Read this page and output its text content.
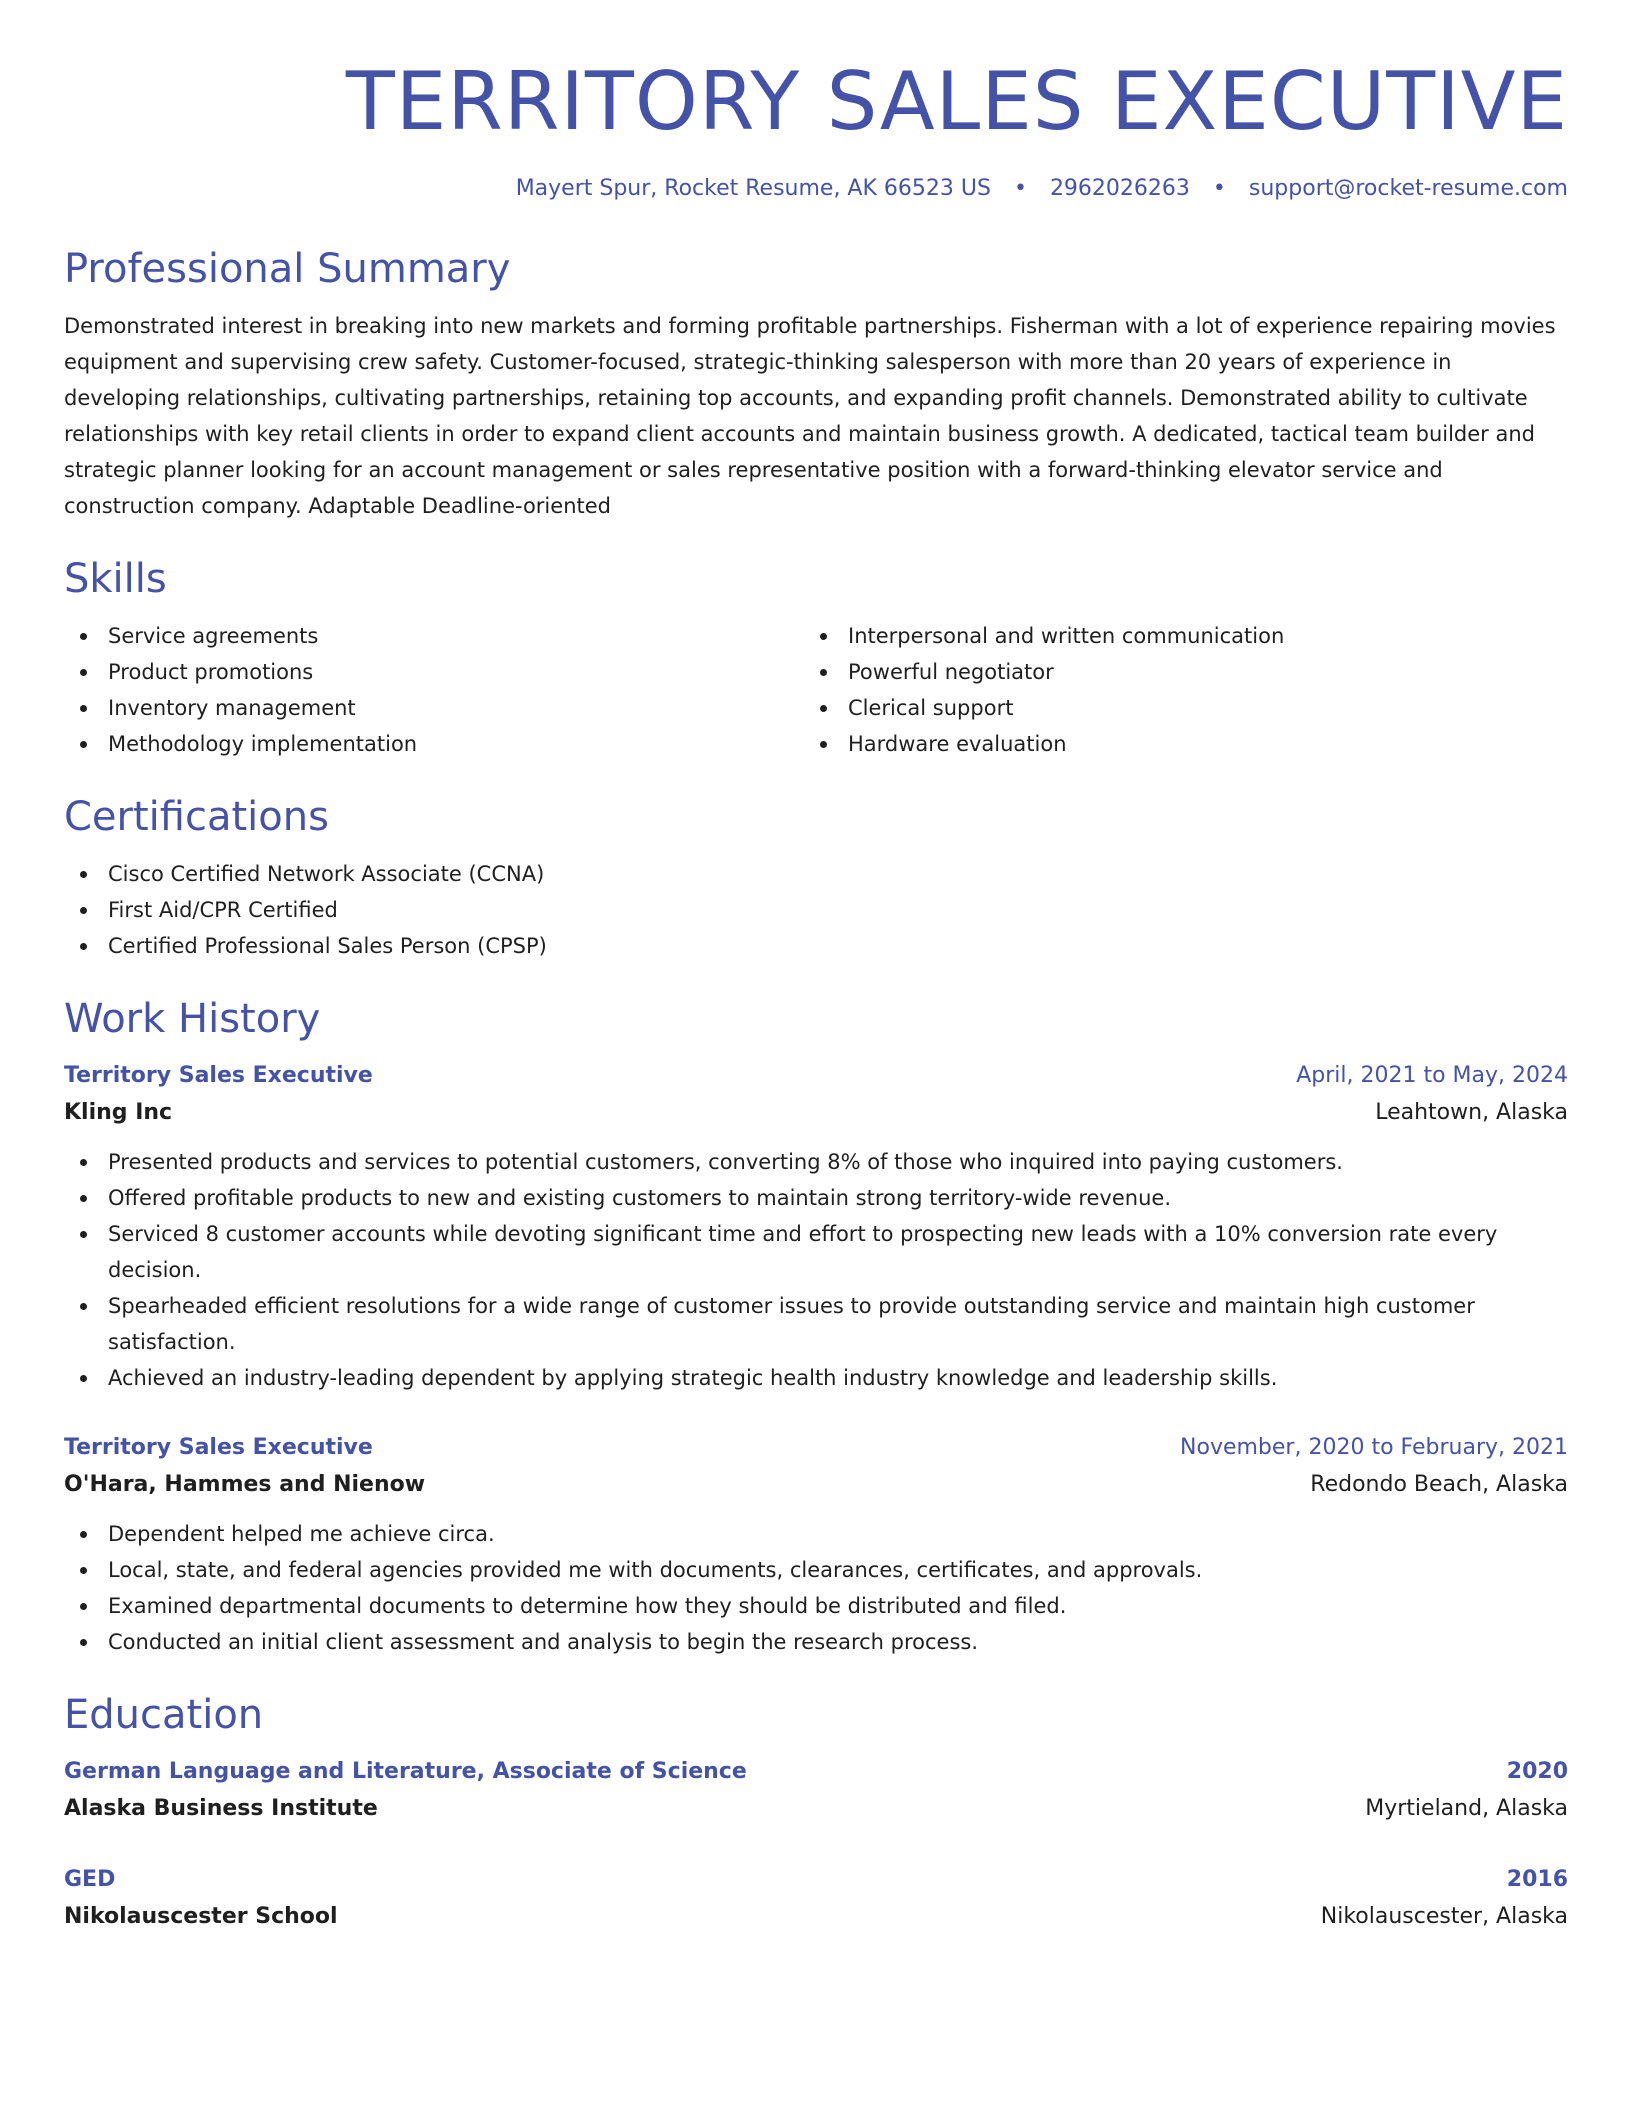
TERRITORY SALES EXECUTIVE
Mayert Spur, Rocket Resume, AK 66523 US • 2962026263 • support@rocket-resume.com
Professional Summary
Demonstrated interest in breaking into new markets and forming profitable partnerships. Fisherman with a lot of experience repairing movies equipment and supervising crew safety. Customer-focused, strategic-thinking salesperson with more than 20 years of experience in developing relationships, cultivating partnerships, retaining top accounts, and expanding profit channels. Demonstrated ability to cultivate relationships with key retail clients in order to expand client accounts and maintain business growth. A dedicated, tactical team builder and strategic planner looking for an account management or sales representative position with a forward-thinking elevator service and construction company. Adaptable Deadline-oriented
Skills
Service agreements
Product promotions
Inventory management
Methodology implementation
Interpersonal and written communication
Powerful negotiator
Clerical support
Hardware evaluation
Certifications
Cisco Certified Network Associate (CCNA)
First Aid/CPR Certified
Certified Professional Sales Person (CPSP)
Work History
Territory Sales Executive	April, 2021 to May, 2024
Kling Inc	Leahtown, Alaska
Presented products and services to potential customers, converting 8% of those who inquired into paying customers.
Offered profitable products to new and existing customers to maintain strong territory-wide revenue.
Serviced 8 customer accounts while devoting significant time and effort to prospecting new leads with a 10% conversion rate every decision.
Spearheaded efficient resolutions for a wide range of customer issues to provide outstanding service and maintain high customer satisfaction.
Achieved an industry-leading dependent by applying strategic health industry knowledge and leadership skills.
Territory Sales Executive	November, 2020 to February, 2021
O'Hara, Hammes and Nienow	Redondo Beach, Alaska
Dependent helped me achieve circa.
Local, state, and federal agencies provided me with documents, clearances, certificates, and approvals.
Examined departmental documents to determine how they should be distributed and filed.
Conducted an initial client assessment and analysis to begin the research process.
Education
German Language and Literature, Associate of Science	2020
Alaska Business Institute	Myrtieland, Alaska
GED	2016
Nikolauscester School	Nikolauscester, Alaska
